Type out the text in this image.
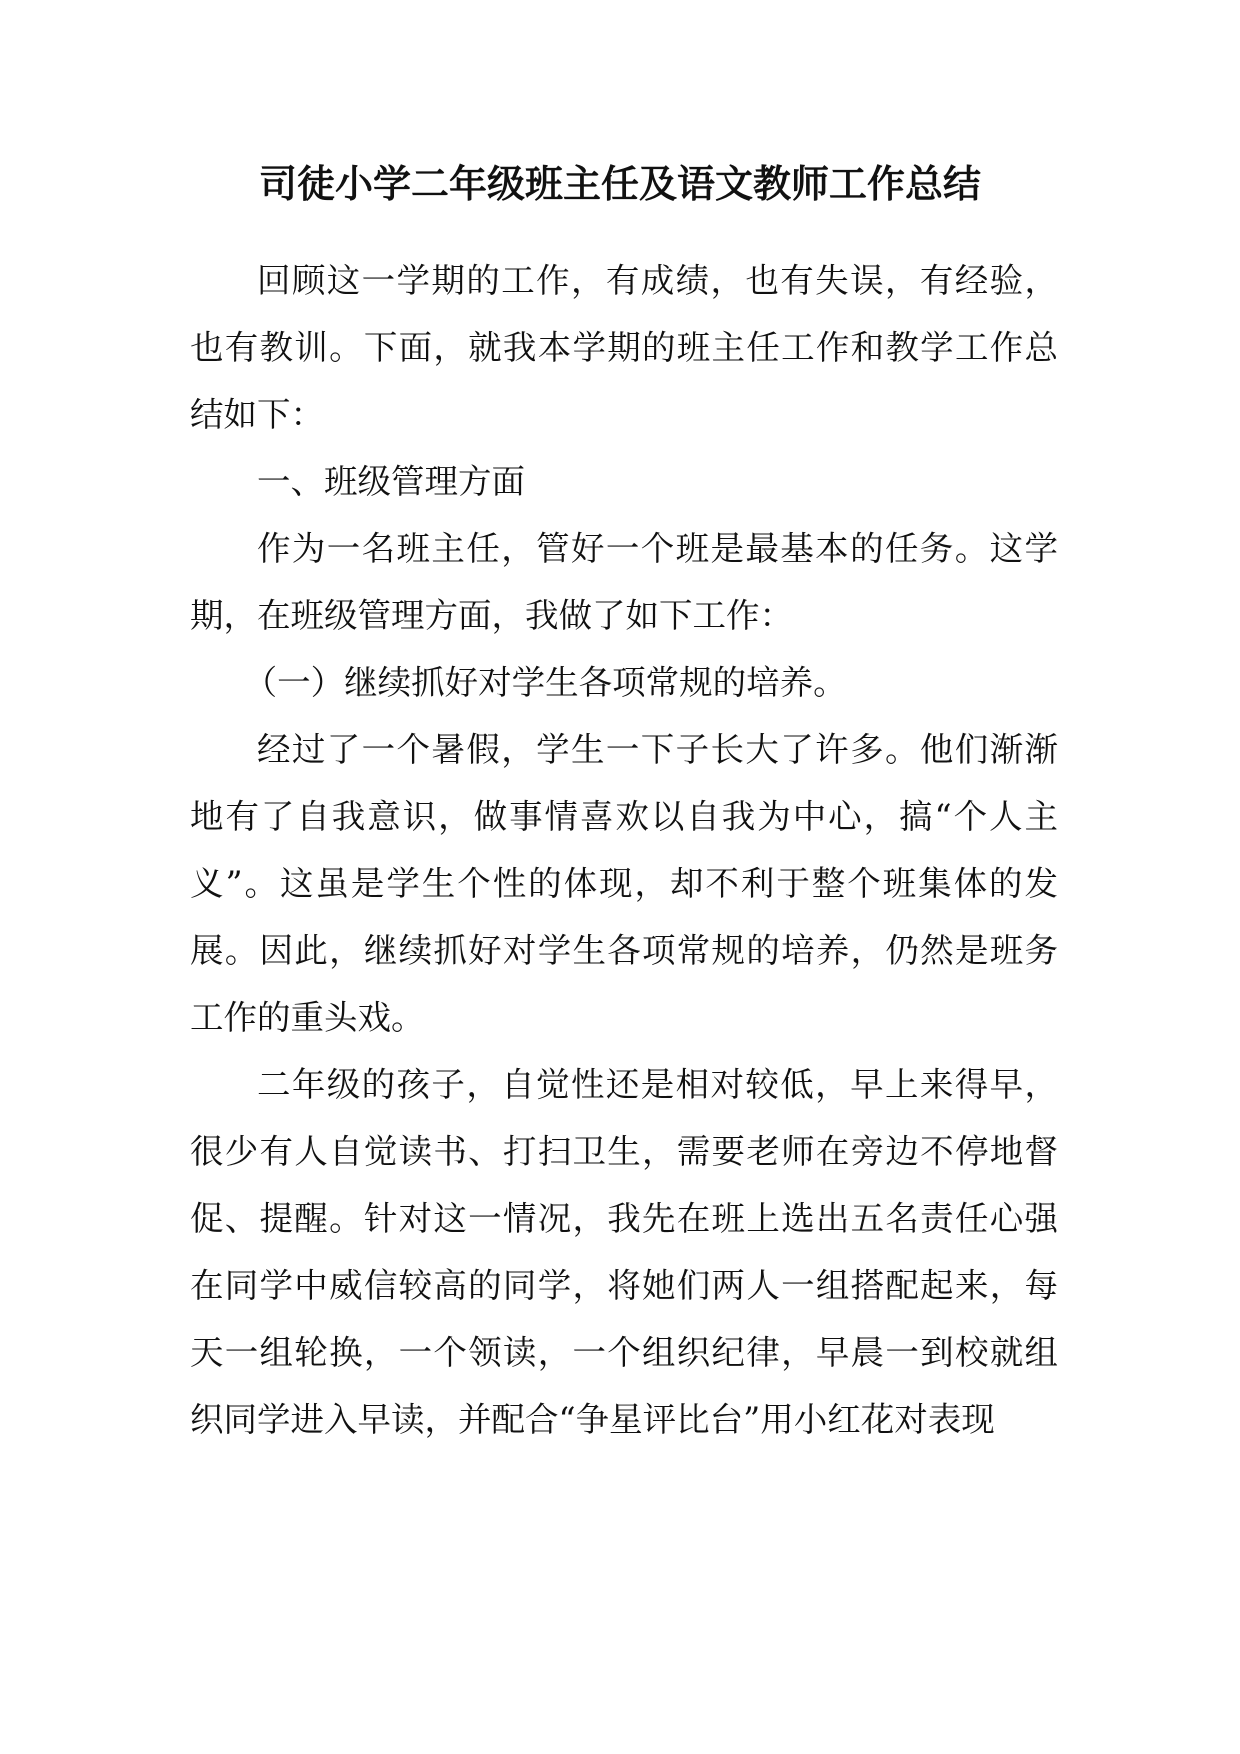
司徒小学二年级班主任及语文教师工作总结

回顾这一学期的工作，有成绩，也有失误，有经验，也有教训。下面，就我本学期的班主任工作和教学工作总结如下：

一、班级管理方面

作为一名班主任，管好一个班是最基本的任务。这学期，在班级管理方面，我做了如下工作：

（一）继续抓好对学生各项常规的培养。

经过了一个暑假，学生一下子长大了许多。他们渐渐地有了自我意识，做事情喜欢以自我为中心，搞“个人主义”。这虽是学生个性的体现，却不利于整个班集体的发展。因此，继续抓好对学生各项常规的培养，仍然是班务工作的重头戏。

二年级的孩子，自觉性还是相对较低，早上来得早，很少有人自觉读书、打扫卫生，需要老师在旁边不停地督促、提醒。针对这一情况，我先在班上选出五名责任心强在同学中威信较高的同学，将她们两人一组搭配起来，每天一组轮换，一个领读，一个组织纪律，早晨一到校就组织同学进入早读，并配合“争星评比台”用小红花对表现
